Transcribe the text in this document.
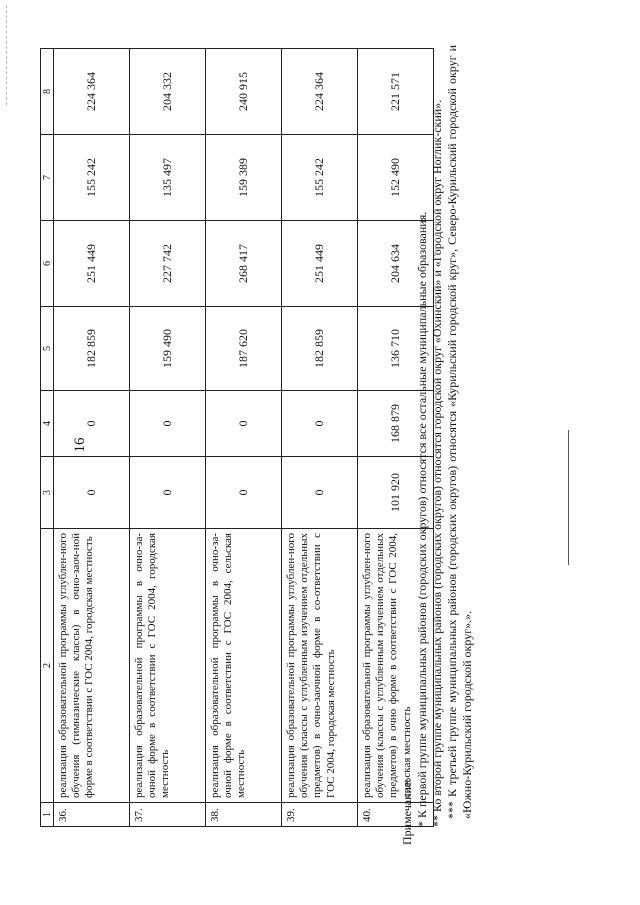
16
1	2	3	4	5	6	7	8
36.	реализация образовательной программы углублен-ного обучения (гимназические классы) в очно-заоч-ной форме в соответствии с ГОС 2004, городская местность	0	0	182 859	251 449	155 242	224 364
37.	реализация образовательной программы в очно-за-очной форме в соответствии с ГОС 2004, городская местность	0	0	159 490	227 742	135 497	204 332
38.	реализация образовательной программы в очно-за-очной форме в соответствии с ГОС 2004, сельская местность	0	0	187 620	268 417	159 389	240 915
39.	реализация образовательной программы углублен-ного обучения (классы с углубленным изучением отдельных предметов) в очно-заочной форме в со-ответствии с ГОС 2004, городская местность	0	0	182 859	251 449	155 242	224 364
40.	реализация образовательной программы углублен-ного обучения (классы с углубленным изучением отдельных предметов) в очно форме в соответствии с ГОС 2004, сельская местность	101 920	168 879	136 710	204 634	152 490	221 571

Примечание: * К первой группе муниципальных районов (городских округов) относятся все остальные муниципальные образования. ** Ко второй группе муниципальных районов (городских округов) относятся городской округ «Охинский» и «Городской округ Ноглик-ский». *** К третьей группе муниципальных районов (городских округов) относятся «Курильский городской круг», Северо-Курильский городской округ и «Южно-Курильский городской округ».».
